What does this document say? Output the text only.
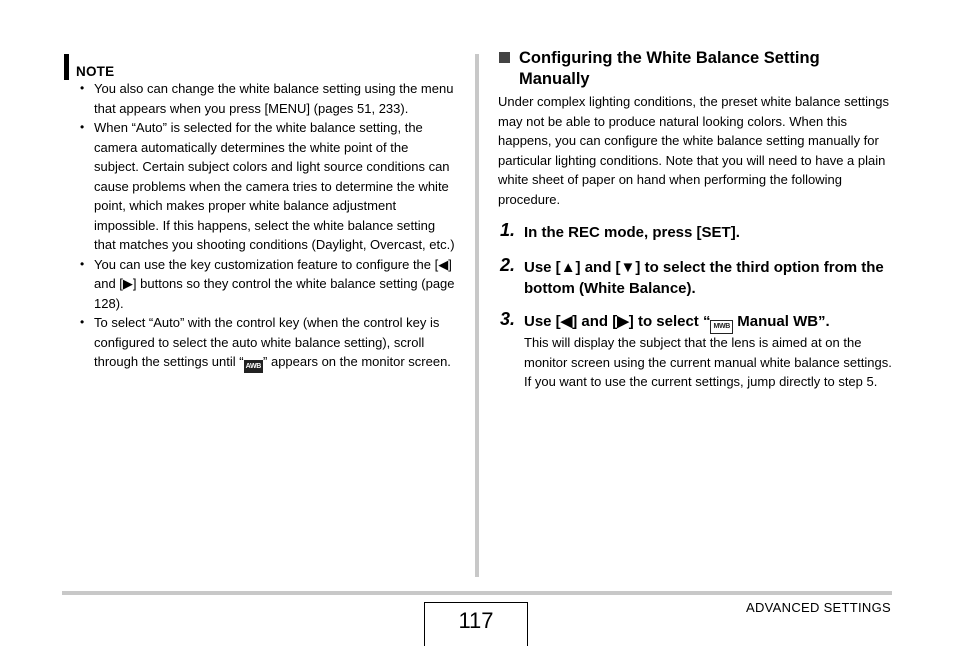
NOTE
• You also can change the white balance setting using the menu that appears when you press [MENU] (pages 51, 233).
• When “Auto” is selected for the white balance setting, the camera automatically determines the white point of the subject. Certain subject colors and light source conditions can cause problems when the camera tries to determine the white point, which makes proper white balance adjustment impossible. If this happens, select the white balance setting that matches you shooting conditions (Daylight, Overcast, etc.)
• You can use the key customization feature to configure the [◀] and [▶] buttons so they control the white balance setting (page 128).
• To select “Auto” with the control key (when the control key is configured to select the auto white balance setting), scroll through the settings until “ AWB ” appears on the monitor screen.
Configuring the White Balance Setting Manually

Under complex lighting conditions, the preset white balance settings may not be able to produce natural looking colors. When this happens, you can configure the white balance setting manually for particular lighting conditions. Note that you will need to have a plain white sheet of paper on hand when performing the following procedure.

1. In the REC mode, press [SET].
2. Use [▲] and [▼] to select the third option from the bottom (White Balance).
3. Use [◀] and [▶] to select “ MWB Manual WB”.

This will display the subject that the lens is aimed at on the monitor screen using the current manual white balance settings. If you want to use the current settings, jump directly to step 5.

117
ADVANCED SETTINGS
